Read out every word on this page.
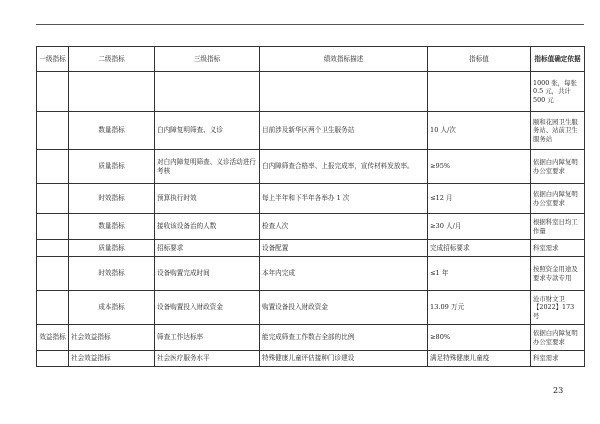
一级指标	二级指标	三级指标	绩效指标描述	指标值	指标值确定依据
					1000 张，每张 0.5 元，共计 500 元
	数量指标	白内障复明筛查、义诊	目前涉及新华区两个卫生服务站	10 人/次	颐和花园卫生服务站、站前卫生服务站
	质量指标	对白内障复明筛查、义诊活动进行考核	白内障筛查合格率、上报完成率，宣传材料发放率。	≥95%	依据白内障复明办公室要求
	时效指标	预算执行时效	每上半年和下半年各举办 1 次	≤12 月	依据白内障复明办公室要求
	数量指标	接收该设备治的人数	检查人次	≥30 人/月	根据科室日均工作量
	质量指标	招标要求	设备配置	完成招标要求	科室需求
	时效指标	设备购置完成时间	本年内完成	≤1 年	按照资金用途及要求专款专用
	成本指标	设备购置投入财政资金	购置设备投入财政资金	13.09 万元	沧市财文卫【2022】173 号
效益指标	社会效益指标	筛查工作达标率	能完成筛查工作数占全部的比例	≥80%	依据白内障复明办公室要求
	社会效益指标	社会医疗服务水平	特殊健康儿童评估接种门诊建设	满足特殊健康儿童疫	科室需求
23
